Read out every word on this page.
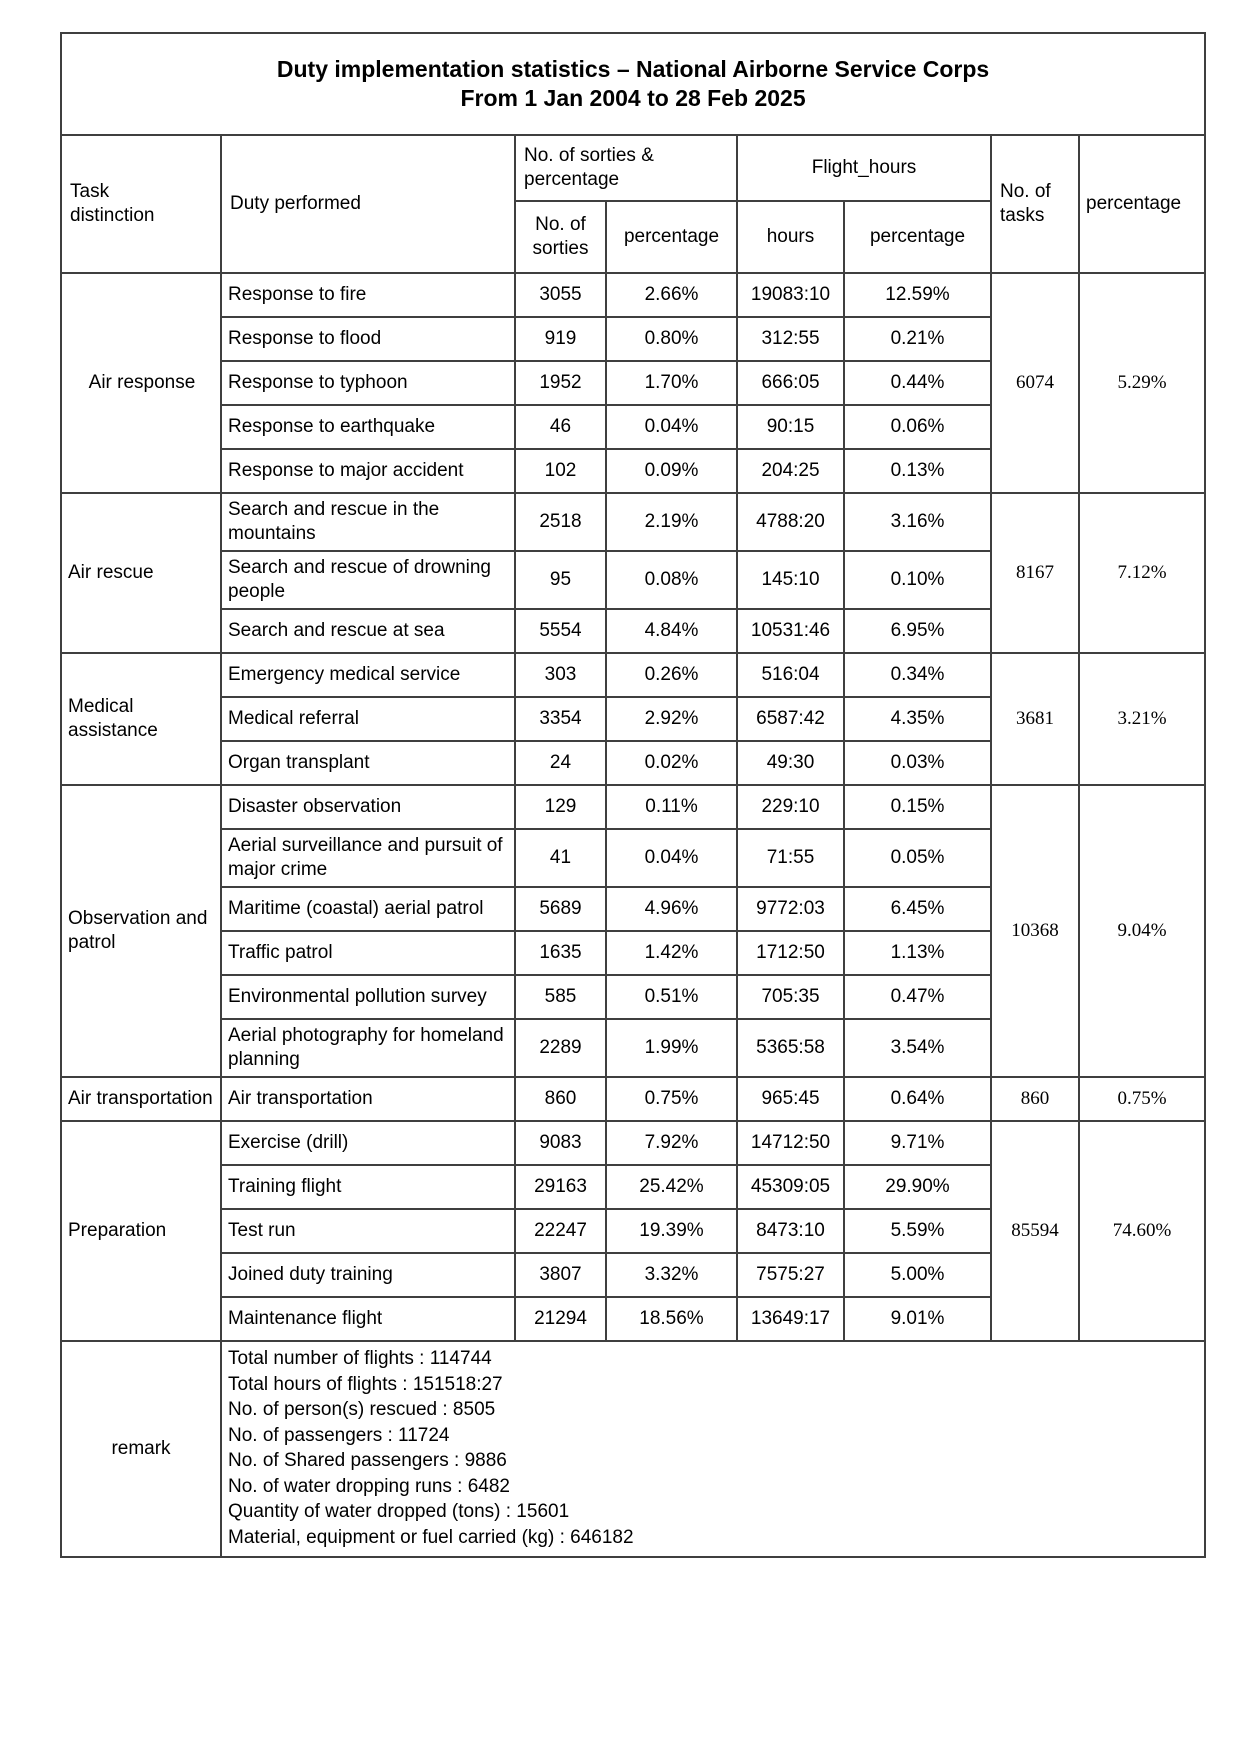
Duty implementation statistics – National Airborne Service Corps
From 1 Jan 2004 to 28 Feb 2025							

Task distinction	Duty performed	No. of sorties & percentage		Flight_hours		No. of tasks	percentage
		No. of sorties	percentage	hours	percentage		
Air response	Response to fire	3055	2.66%	19083:10	12.59%	6074	5.29%
	Response to flood	919	0.80%	312:55	0.21%		
	Response to typhoon	1952	1.70%	666:05	0.44%		
	Response to earthquake	46	0.04%	90:15	0.06%		
	Response to major accident	102	0.09%	204:25	0.13%		
Air rescue	Search and rescue in the mountains	2518	2.19%	4788:20	3.16%	8167	7.12%
	Search and rescue of drowning people	95	0.08%	145:10	0.10%		
	Search and rescue at sea	5554	4.84%	10531:46	6.95%		
Medical assistance	Emergency medical service	303	0.26%	516:04	0.34%	3681	3.21%
	Medical referral	3354	2.92%	6587:42	4.35%		
	Organ transplant	24	0.02%	49:30	0.03%		
Observation and patrol	Disaster observation	129	0.11%	229:10	0.15%	10368	9.04%
	Aerial surveillance and pursuit of major crime	41	0.04%	71:55	0.05%		
	Maritime (coastal) aerial patrol	5689	4.96%	9772:03	6.45%		
	Traffic patrol	1635	1.42%	1712:50	1.13%		
	Environmental pollution survey	585	0.51%	705:35	0.47%		
	Aerial photography for homeland planning	2289	1.99%	5365:58	3.54%		
Air transportation	Air transportation	860	0.75%	965:45	0.64%	860	0.75%
Preparation	Exercise (drill)	9083	7.92%	14712:50	9.71%	85594	74.60%
	Training flight	29163	25.42%	45309:05	29.90%		
	Test run	22247	19.39%	8473:10	5.59%		
	Joined duty training	3807	3.32%	7575:27	5.00%		
	Maintenance flight	21294	18.56%	13649:17	9.01%		
remark	
Total number of flights : 114744
Total hours of flights : 151518:27
No. of person(s) rescued : 8505
No. of passengers : 11724
No. of Shared passengers : 9886
No. of water dropping runs : 6482
Quantity of water dropped (tons) : 15601
Material, equipment or fuel carried (kg) : 646182
